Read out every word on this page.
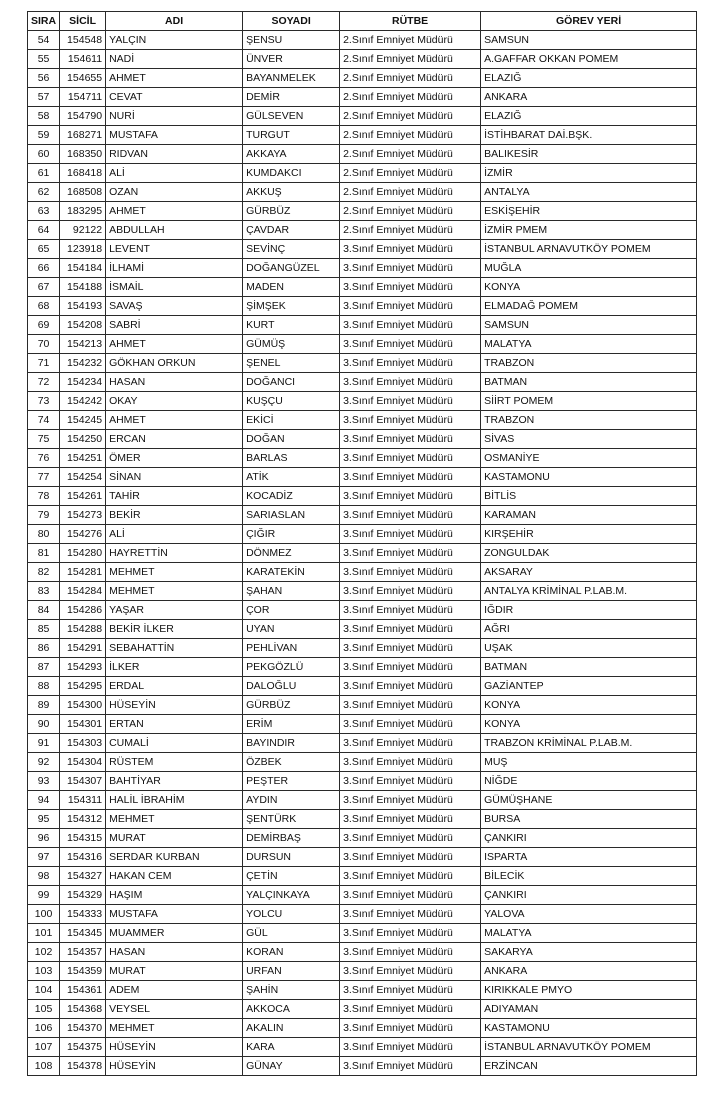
SIRA	SİCİL	ADI	SOYADI	RÜTBE	GÖREV YERİ
54	154548	YALÇIN	ŞENSU	2.Sınıf Emniyet Müdürü	SAMSUN
55	154611	NADİ	ÜNVER	2.Sınıf Emniyet Müdürü	A.GAFFAR OKKAN POMEM
56	154655	AHMET	BAYANMELEK	2.Sınıf Emniyet Müdürü	ELAZIĞ
57	154711	CEVAT	DEMİR	2.Sınıf Emniyet Müdürü	ANKARA
58	154790	NURİ	GÜLSEVEN	2.Sınıf Emniyet Müdürü	ELAZIĞ
59	168271	MUSTAFA	TURGUT	2.Sınıf Emniyet Müdürü	İSTİHBARAT DAİ.BŞK.
60	168350	RIDVAN	AKKAYA	2.Sınıf Emniyet Müdürü	BALIKESİR
61	168418	ALİ	KUMDAKCI	2.Sınıf Emniyet Müdürü	İZMİR
62	168508	OZAN	AKKUŞ	2.Sınıf Emniyet Müdürü	ANTALYA
63	183295	AHMET	GÜRBÜZ	2.Sınıf Emniyet Müdürü	ESKİŞEHİR
64	92122	ABDULLAH	ÇAVDAR	2.Sınıf Emniyet Müdürü	İZMİR PMEM
65	123918	LEVENT	SEVİNÇ	3.Sınıf Emniyet Müdürü	İSTANBUL ARNAVUTKÖY POMEM
66	154184	İLHAMİ	DOĞANGÜZEL	3.Sınıf Emniyet Müdürü	MUĞLA
67	154188	İSMAİL	MADEN	3.Sınıf Emniyet Müdürü	KONYA
68	154193	SAVAŞ	ŞİMŞEK	3.Sınıf Emniyet Müdürü	ELMADAĞ POMEM
69	154208	SABRİ	KURT	3.Sınıf Emniyet Müdürü	SAMSUN
70	154213	AHMET	GÜMÜŞ	3.Sınıf Emniyet Müdürü	MALATYA
71	154232	GÖKHAN ORKUN	ŞENEL	3.Sınıf Emniyet Müdürü	TRABZON
72	154234	HASAN	DOĞANCI	3.Sınıf Emniyet Müdürü	BATMAN
73	154242	OKAY	KUŞÇU	3.Sınıf Emniyet Müdürü	SİİRT POMEM
74	154245	AHMET	EKİCİ	3.Sınıf Emniyet Müdürü	TRABZON
75	154250	ERCAN	DOĞAN	3.Sınıf Emniyet Müdürü	SİVAS
76	154251	ÖMER	BARLAS	3.Sınıf Emniyet Müdürü	OSMANİYE
77	154254	SİNAN	ATİK	3.Sınıf Emniyet Müdürü	KASTAMONU
78	154261	TAHİR	KOCADİZ	3.Sınıf Emniyet Müdürü	BİTLİS
79	154273	BEKİR	SARIASLAN	3.Sınıf Emniyet Müdürü	KARAMAN
80	154276	ALİ	ÇIĞIR	3.Sınıf Emniyet Müdürü	KIRŞEHİR
81	154280	HAYRETTİN	DÖNMEZ	3.Sınıf Emniyet Müdürü	ZONGULDAK
82	154281	MEHMET	KARATEKİN	3.Sınıf Emniyet Müdürü	AKSARAY
83	154284	MEHMET	ŞAHAN	3.Sınıf Emniyet Müdürü	ANTALYA KRİMİNAL P.LAB.M.
84	154286	YAŞAR	ÇOR	3.Sınıf Emniyet Müdürü	IĞDIR
85	154288	BEKİR İLKER	UYAN	3.Sınıf Emniyet Müdürü	AĞRI
86	154291	SEBAHATTİN	PEHLİVAN	3.Sınıf Emniyet Müdürü	UŞAK
87	154293	İLKER	PEKGÖZLÜ	3.Sınıf Emniyet Müdürü	BATMAN
88	154295	ERDAL	DALOĞLU	3.Sınıf Emniyet Müdürü	GAZİANTEP
89	154300	HÜSEYİN	GÜRBÜZ	3.Sınıf Emniyet Müdürü	KONYA
90	154301	ERTAN	ERİM	3.Sınıf Emniyet Müdürü	KONYA
91	154303	CUMALİ	BAYINDIR	3.Sınıf Emniyet Müdürü	TRABZON KRİMİNAL P.LAB.M.
92	154304	RÜSTEM	ÖZBEK	3.Sınıf Emniyet Müdürü	MUŞ
93	154307	BAHTİYAR	PEŞTER	3.Sınıf Emniyet Müdürü	NİĞDE
94	154311	HALİL İBRAHİM	AYDIN	3.Sınıf Emniyet Müdürü	GÜMÜŞHANE
95	154312	MEHMET	ŞENTÜRK	3.Sınıf Emniyet Müdürü	BURSA
96	154315	MURAT	DEMİRBAŞ	3.Sınıf Emniyet Müdürü	ÇANKIRI
97	154316	SERDAR KURBAN	DURSUN	3.Sınıf Emniyet Müdürü	ISPARTA
98	154327	HAKAN CEM	ÇETİN	3.Sınıf Emniyet Müdürü	BİLECİK
99	154329	HAŞIM	YALÇINKAYA	3.Sınıf Emniyet Müdürü	ÇANKIRI
100	154333	MUSTAFA	YOLCU	3.Sınıf Emniyet Müdürü	YALOVA
101	154345	MUAMMER	GÜL	3.Sınıf Emniyet Müdürü	MALATYA
102	154357	HASAN	KORAN	3.Sınıf Emniyet Müdürü	SAKARYA
103	154359	MURAT	URFAN	3.Sınıf Emniyet Müdürü	ANKARA
104	154361	ADEM	ŞAHİN	3.Sınıf Emniyet Müdürü	KIRIKKALE PMYO
105	154368	VEYSEL	AKKOCA	3.Sınıf Emniyet Müdürü	ADIYAMAN
106	154370	MEHMET	AKALIN	3.Sınıf Emniyet Müdürü	KASTAMONU
107	154375	HÜSEYİN	KARA	3.Sınıf Emniyet Müdürü	İSTANBUL ARNAVUTKÖY POMEM
108	154378	HÜSEYİN	GÜNAY	3.Sınıf Emniyet Müdürü	ERZİNCAN
